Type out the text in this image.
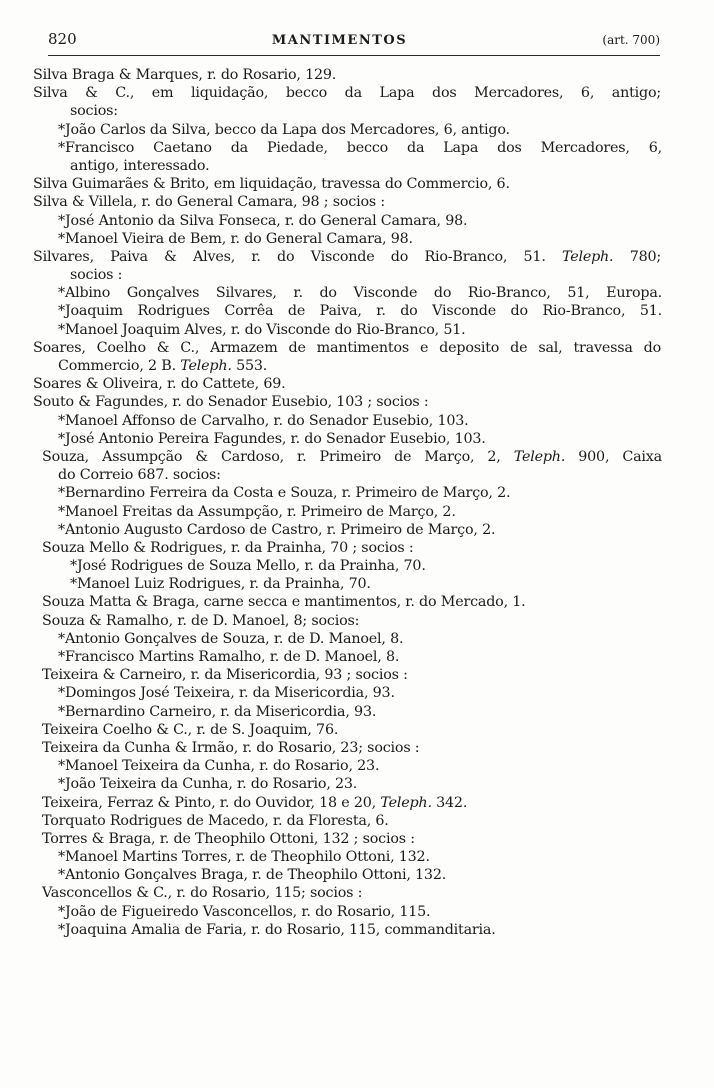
820	MANTIMENTOS	(art. 700)
Silva Braga & Marques, r. do Rosario, 129.
Silva & C., em liquidação, becco da Lapa dos Mercadores, 6, antigo;
socios:
*João Carlos da Silva, becco da Lapa dos Mercadores, 6, antigo.
*Francisco Caetano da Piedade, becco da Lapa dos Mercadores, 6,
antigo, interessado.
Silva Guimarães & Brito, em liquidação, travessa do Commercio, 6.
Silva & Villela, r. do General Camara, 98 ; socios :
*José Antonio da Silva Fonseca, r. do General Camara, 98.
*Manoel Vieira de Bem, r. do General Camara, 98.
Silvares, Paiva & Alves, r. do Visconde do Rio-Branco, 51. Teleph. 780;
socios :
*Albino Gonçalves Silvares, r. do Visconde do Rio-Branco, 51, Europa.
*Joaquim Rodrigues Corrêa de Paiva, r. do Visconde do Rio-Branco, 51.
*Manoel Joaquim Alves, r. do Visconde do Rio-Branco, 51.
Soares, Coelho & C., Armazem de mantimentos e deposito de sal, travessa do
Commercio, 2 B. Teleph. 553.
Soares & Oliveira, r. do Cattete, 69.
Souto & Fagundes, r. do Senador Eusebio, 103 ; socios :
*Manoel Affonso de Carvalho, r. do Senador Eusebio, 103.
*José Antonio Pereira Fagundes, r. do Senador Eusebio, 103.
Souza, Assumpção & Cardoso, r. Primeiro de Março, 2, Teleph. 900, Caixa
do Correio 687. socios:
*Bernardino Ferreira da Costa e Souza, r. Primeiro de Março, 2.
*Manoel Freitas da Assumpção, r. Primeiro de Março, 2.
*Antonio Augusto Cardoso de Castro, r. Primeiro de Março, 2.
Souza Mello & Rodrigues, r. da Prainha, 70 ; socios :
*José Rodrigues de Souza Mello, r. da Prainha, 70.
*Manoel Luiz Rodrigues, r. da Prainha, 70.
Souza Matta & Braga, carne secca e mantimentos, r. do Mercado, 1.
Souza & Ramalho, r. de D. Manoel, 8; socios:
*Antonio Gonçalves de Souza, r. de D. Manoel, 8.
*Francisco Martins Ramalho, r. de D. Manoel, 8.
Teixeira & Carneiro, r. da Misericordia, 93 ; socios :
*Domingos José Teixeira, r. da Misericordia, 93.
*Bernardino Carneiro, r. da Misericordia, 93.
Teixeira Coelho & C., r. de S. Joaquim, 76.
Teixeira da Cunha & Irmão, r. do Rosario, 23; socios :
*Manoel Teixeira da Cunha, r. do Rosario, 23.
*João Teixeira da Cunha, r. do Rosario, 23.
Teixeira, Ferraz & Pinto, r. do Ouvidor, 18 e 20, Teleph. 342.
Torquato Rodrigues de Macedo, r. da Floresta, 6.
Torres & Braga, r. de Theophilo Ottoni, 132 ; socios :
*Manoel Martins Torres, r. de Theophilo Ottoni, 132.
*Antonio Gonçalves Braga, r. de Theophilo Ottoni, 132.
Vasconcellos & C., r. do Rosario, 115; socios :
*João de Figueiredo Vasconcellos, r. do Rosario, 115.
*Joaquina Amalia de Faria, r. do Rosario, 115, commanditaria.
